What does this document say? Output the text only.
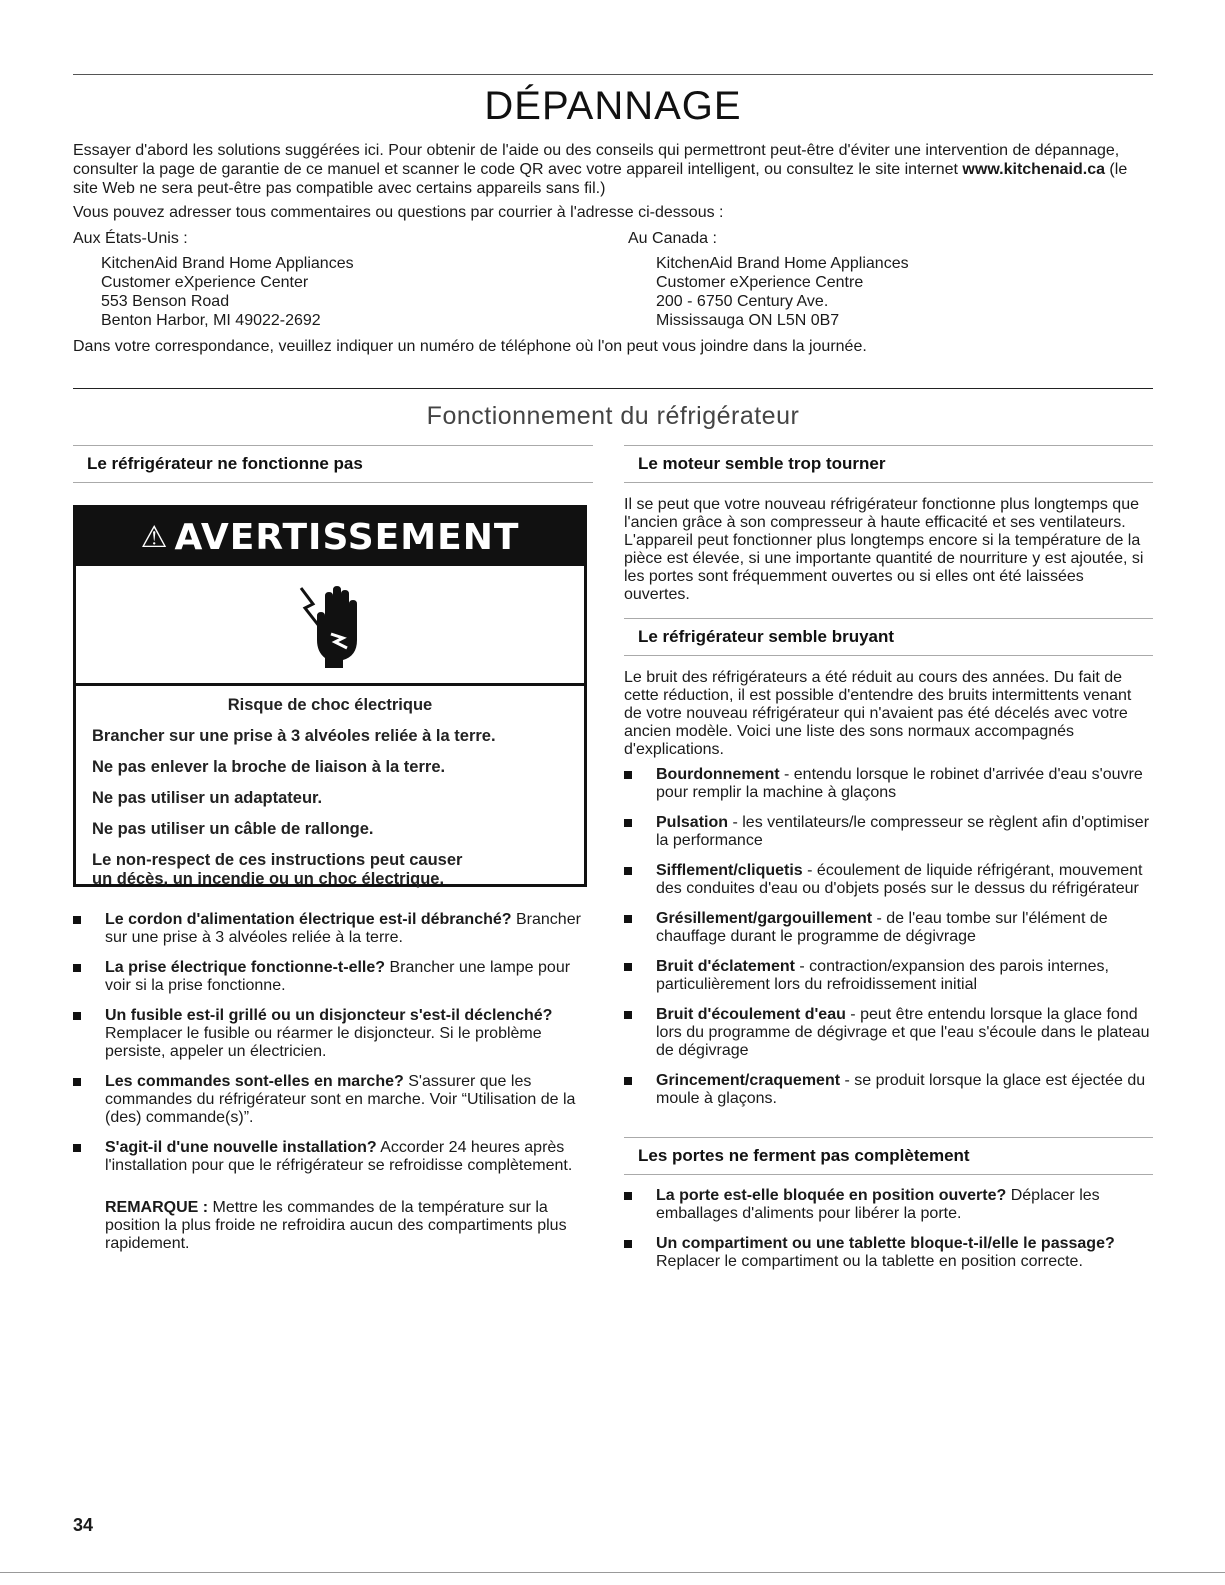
DÉPANNAGE

Essayer d'abord les solutions suggérées ici. Pour obtenir de l'aide ou des conseils qui permettront peut-être d'éviter une intervention de dépannage, consulter la page de garantie de ce manuel et scanner le code QR avec votre appareil intelligent, ou consultez le site internet www.kitchenaid.ca (le site Web ne sera peut-être pas compatible avec certains appareils sans fil.)

Vous pouvez adresser tous commentaires ou questions par courrier à l'adresse ci-dessous :

Aux États-Unis :
KitchenAid Brand Home Appliances
Customer eXperience Center
553 Benson Road
Benton Harbor, MI 49022-2692
Au Canada :
KitchenAid Brand Home Appliances
Customer eXperience Centre
200 - 6750 Century Ave.
Mississauga ON L5N 0B7
Dans votre correspondance, veuillez indiquer un numéro de téléphone où l'on peut vous joindre dans la journée.
Fonctionnement du réfrigérateur
Le réfrigérateur ne fonctionne pas
⚠ AVERTISSEMENT
Risque de choc électrique

Brancher sur une prise à 3 alvéoles reliée à la terre.

Ne pas enlever la broche de liaison à la terre.

Ne pas utiliser un adaptateur.

Ne pas utiliser un câble de rallonge.

Le non-respect de ces instructions peut causer
un décès, un incendie ou un choc électrique.

Le cordon d'alimentation électrique est-il débranché? Brancher sur une prise à 3 alvéoles reliée à la terre.
La prise électrique fonctionne-t-elle? Brancher une lampe pour voir si la prise fonctionne.
Un fusible est-il grillé ou un disjoncteur s'est-il déclenché? Remplacer le fusible ou réarmer le disjoncteur. Si le problème persiste, appeler un électricien.
Les commandes sont-elles en marche? S'assurer que les commandes du réfrigérateur sont en marche. Voir “Utilisation de la (des) commande(s)”.
S'agit-il d'une nouvelle installation? Accorder 24 heures après l'installation pour que le réfrigérateur se refroidisse complètement.
REMARQUE : Mettre les commandes de la température sur la position la plus froide ne refroidira aucun des compartiments plus rapidement.
Le moteur semble trop tourner
Il se peut que votre nouveau réfrigérateur fonctionne plus longtemps que l'ancien grâce à son compresseur à haute efficacité et ses ventilateurs. L'appareil peut fonctionner plus longtemps encore si la température de la pièce est élevée, si une importante quantité de nourriture y est ajoutée, si les portes sont fréquemment ouvertes ou si elles ont été laissées ouvertes.
Le réfrigérateur semble bruyant
Le bruit des réfrigérateurs a été réduit au cours des années. Du fait de cette réduction, il est possible d'entendre des bruits intermittents venant de votre nouveau réfrigérateur qui n'avaient pas été décelés avec votre ancien modèle. Voici une liste des sons normaux accompagnés d'explications.
Bourdonnement - entendu lorsque le robinet d'arrivée d'eau s'ouvre pour remplir la machine à glaçons
Pulsation - les ventilateurs/le compresseur se règlent afin d'optimiser la performance
Sifflement/cliquetis - écoulement de liquide réfrigérant, mouvement des conduites d'eau ou d'objets posés sur le dessus du réfrigérateur
Grésillement/gargouillement - de l'eau tombe sur l'élément de chauffage durant le programme de dégivrage
Bruit d'éclatement - contraction/expansion des parois internes, particulièrement lors du refroidissement initial
Bruit d'écoulement d'eau - peut être entendu lorsque la glace fond lors du programme de dégivrage et que l'eau s'écoule dans le plateau de dégivrage
Grincement/craquement - se produit lorsque la glace est éjectée du moule à glaçons.
Les portes ne ferment pas complètement
La porte est-elle bloquée en position ouverte? Déplacer les emballages d'aliments pour libérer la porte.
Un compartiment ou une tablette bloque-t-il/elle le passage? Replacer le compartiment ou la tablette en position correcte.
34
